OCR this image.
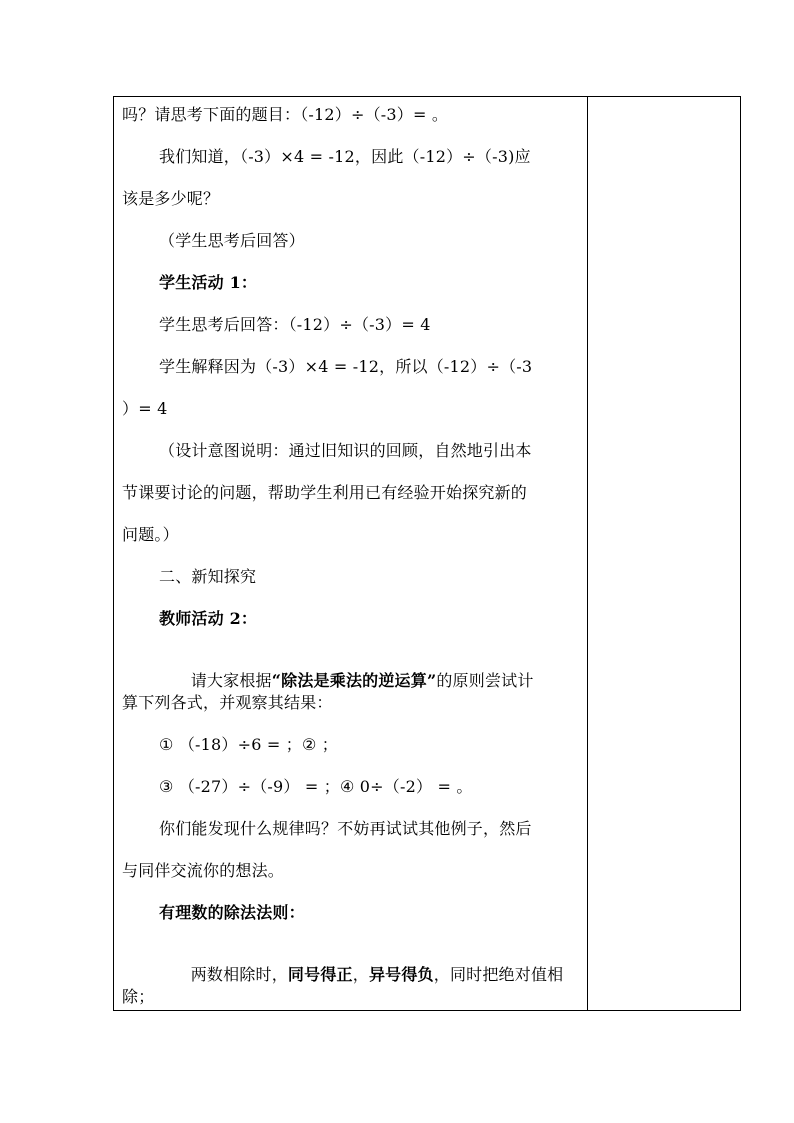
吗？请思考下面的题目：（-12）÷（-3）= 。
我们知道，（-3）×4 = -12，因此（-12）÷（-3)应
该是多少呢？
（学生思考后回答）
学生活动 1：
学生思考后回答：（-12）÷（-3）= 4
学生解释因为（-3）×4 = -12，所以（-12）÷（-3
）= 4
（设计意图说明：通过旧知识的回顾，自然地引出本
节课要讨论的问题，帮助学生利用已有经验开始探究新的
问题。）
二、新知探究
教师活动 2：

请大家根据“除法是乘法的逆运算”的原则尝试计

算下列各式，并观察其结果：
① （-18）÷6 = ；② ；
③ （-27）÷（-9） = ；④ 0÷（-2） = 。
你们能发现什么规律吗？不妨再试试其他例子，然后
与同伴交流你的想法。
有理数的除法法则：

两数相除时，同号得正，异号得负，同时把绝对值相

除；
